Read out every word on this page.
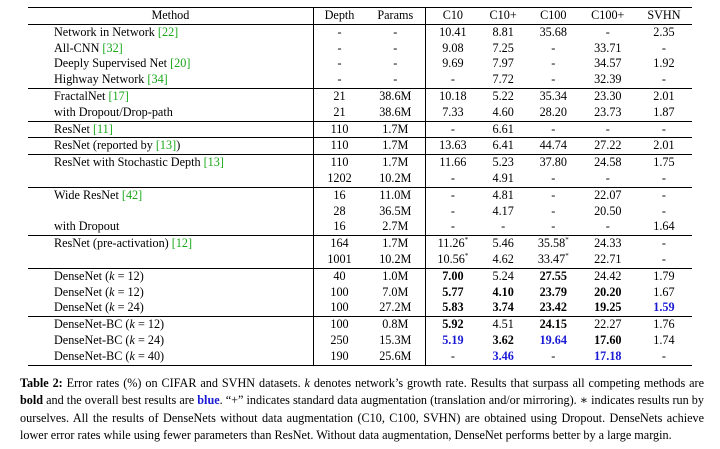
Method	Depth	Params	C10	C10+	C100	C100+	SVHN
Network in Network [22]	-	-	10.41	8.81	35.68	-	2.35
All-CNN [32]	-	-	9.08	7.25	-	33.71	-
Deeply Supervised Net [20]	-	-	9.69	7.97	-	34.57	1.92
Highway Network [34]	-	-	-	7.72	-	32.39	-
FractalNet [17]	21	38.6M	10.18	5.22	35.34	23.30	2.01
with Dropout/Drop-path	21	38.6M	7.33	4.60	28.20	23.73	1.87
ResNet [11]	110	1.7M	-	6.61	-	-	-
ResNet (reported by [13])	110	1.7M	13.63	6.41	44.74	27.22	2.01
ResNet with Stochastic Depth [13]	110	1.7M	11.66	5.23	37.80	24.58	1.75
	1202	10.2M	-	4.91	-	-	-
Wide ResNet [42]	16	11.0M	-	4.81	-	22.07	-
	28	36.5M	-	4.17	-	20.50	-
with Dropout	16	2.7M	-	-	-	-	1.64
ResNet (pre-activation) [12]	164	1.7M	11.26*	5.46	35.58*	24.33	-
	1001	10.2M	10.56*	4.62	33.47*	22.71	-
DenseNet (k = 12)	40	1.0M	7.00	5.24	27.55	24.42	1.79
DenseNet (k = 12)	100	7.0M	5.77	4.10	23.79	20.20	1.67
DenseNet (k = 24)	100	27.2M	5.83	3.74	23.42	19.25	1.59
DenseNet-BC (k = 12)	100	0.8M	5.92	4.51	24.15	22.27	1.76
DenseNet-BC (k = 24)	250	15.3M	5.19	3.62	19.64	17.60	1.74
DenseNet-BC (k = 40)	190	25.6M	-	3.46	-	17.18	-
Table 2: Error rates (%) on CIFAR and SVHN datasets. k denotes network’s growth rate. Results that surpass all competing methods are bold and the overall best results are blue. “+” indicates standard data augmentation (translation and/or mirroring). ∗ indicates results run by ourselves. All the results of DenseNets without data augmentation (C10, C100, SVHN) are obtained using Dropout. DenseNets achieve lower error rates while using fewer parameters than ResNet. Without data augmentation, DenseNet performs better by a large margin.
